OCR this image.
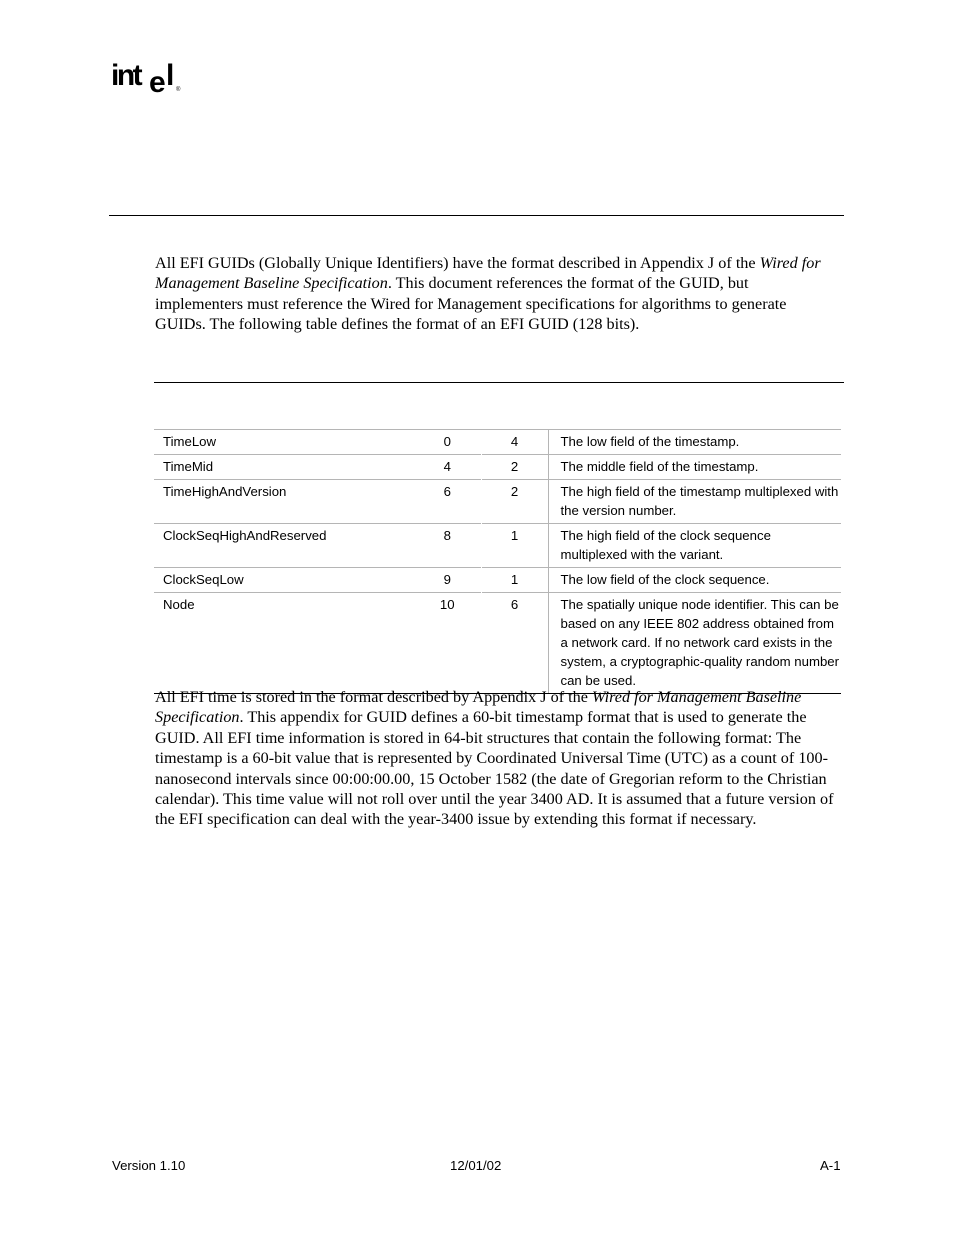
int e l ®

All EFI GUIDs (Globally Unique Identifiers) have the format described in Appendix J of the Wired for Management Baseline Specification. This document references the format of the GUID, but implementers must reference the Wired for Management specifications for algorithms to generate GUIDs. The following table defines the format of an EFI GUID (128 bits).

TimeLow	0	4	The low field of the timestamp.
TimeMid	4	2	The middle field of the timestamp.
TimeHighAndVersion	6	2	The high field of the timestamp multiplexed with the version number.
ClockSeqHighAndReserved	8	1	The high field of the clock sequence multiplexed with the variant.
ClockSeqLow	9	1	The low field of the clock sequence.
Node	10	6	The spatially unique node identifier. This can be based on any IEEE 802 address obtained from a network card. If no network card exists in the system, a cryptographic-quality random number can be used.

All EFI time is stored in the format described by Appendix J of the Wired for Management Baseline Specification. This appendix for GUID defines a 60-bit timestamp format that is used to generate the GUID. All EFI time information is stored in 64-bit structures that contain the following format: The timestamp is a 60-bit value that is represented by Coordinated Universal Time (UTC) as a count of 100-nanosecond intervals since 00:00:00.00, 15 October 1582 (the date of Gregorian reform to the Christian calendar). This time value will not roll over until the year 3400 AD. It is assumed that a future version of the EFI specification can deal with the year-3400 issue by extending this format if necessary.

Version 1.10	12/01/02	A-1
